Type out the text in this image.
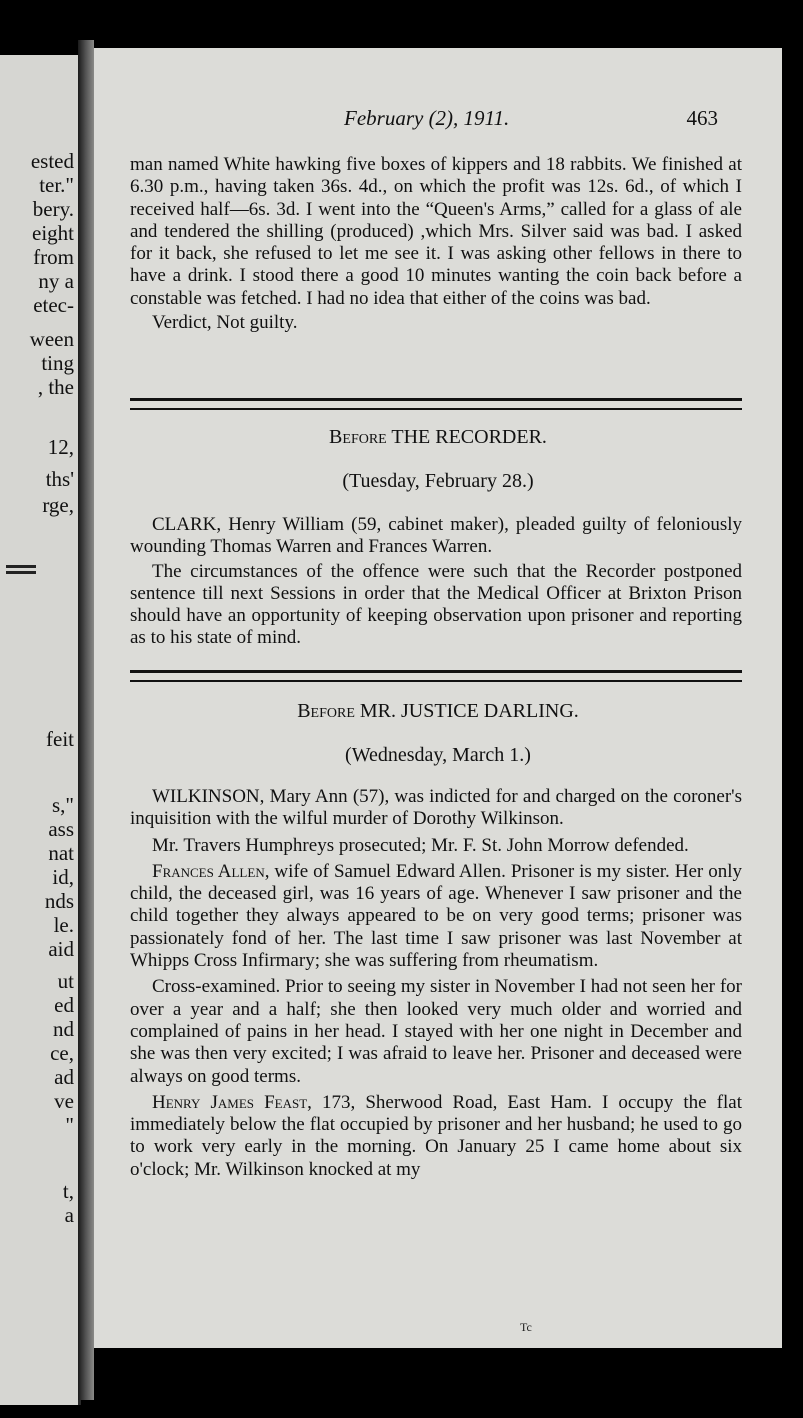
ested
ter."
bery.
eight
from
ny a
etec-
ween
ting
, the
12,
ths'
rge,
feit
s,"
ass
nat
id,
nds
le.
aid
ut
ed
nd
ce,
ad
ve
"
t,
a
February (2), 1911.	463

man named White hawking five boxes of kippers and 18 rabbits. We finished at 6.30 p.m., having taken 36s. 4d., on which the profit was 12s. 6d., of which I received half—6s. 3d. I went into the “Queen's Arms,” called for a glass of ale and tendered the shilling (produced) ,which Mrs. Silver said was bad. I asked for it back, she refused to let me see it. I was asking other fellows in there to have a drink. I stood there a good 10 minutes wanting the coin back before a constable was fetched. I had no idea that either of the coins was bad.

Verdict, Not guilty.

Before THE RECORDER.
(Tuesday, February 28.)

CLARK, Henry William (59, cabinet maker), pleaded guilty of feloniously wounding Thomas Warren and Frances Warren.

The circumstances of the offence were such that the Recorder postponed sentence till next Sessions in order that the Medical Officer at Brixton Prison should have an opportunity of keeping observation upon prisoner and reporting as to his state of mind.

Before MR. JUSTICE DARLING.
(Wednesday, March 1.)

WILKINSON, Mary Ann (57), was indicted for and charged on the coroner's inquisition with the wilful murder of Dorothy Wilkinson.

Mr. Travers Humphreys prosecuted; Mr. F. St. John Morrow defended.

Frances Allen, wife of Samuel Edward Allen. Prisoner is my sister. Her only child, the deceased girl, was 16 years of age. Whenever I saw prisoner and the child together they always appeared to be on very good terms; prisoner was passionately fond of her. The last time I saw prisoner was last November at Whipps Cross Infirmary; she was suffering from rheumatism.

Cross-examined. Prior to seeing my sister in November I had not seen her for over a year and a half; she then looked very much older and worried and complained of pains in her head. I stayed with her one night in December and she was then very excited; I was afraid to leave her. Prisoner and deceased were always on good terms.

Henry James Feast, 173, Sherwood Road, East Ham. I occupy the flat immediately below the flat occupied by prisoner and her husband; he used to go to work very early in the morning. On January 25 I came home about six o'clock; Mr. Wilkinson knocked at my

Tc
